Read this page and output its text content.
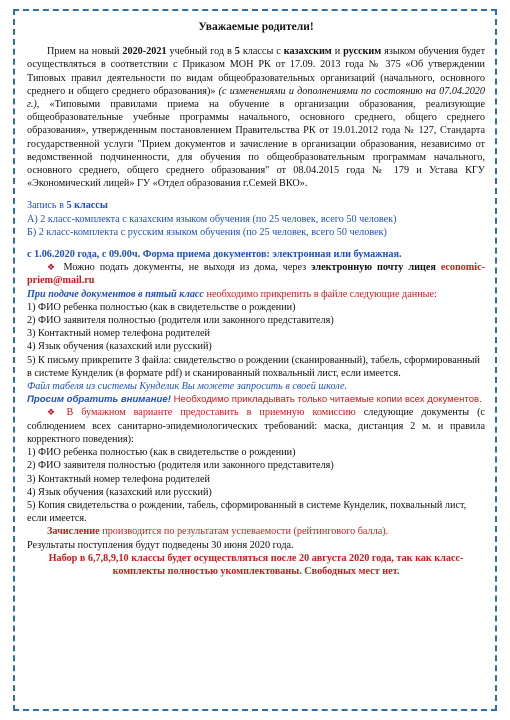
Уважаемые родители!

Прием на новый 2020-2021 учебный год в 5 классы с казахским и русским языком обучения будет осуществляться в соответствии с Приказом МОН РК от 17.09. 2013 года № 375 «Об утверждении Типовых правил деятельности по видам общеобразовательных организаций (начального, основного среднего и общего среднего образования)» (с изменениями и дополнениями по состоянию на 07.04.2020 г.), «Типовыми правилами приема на обучение в организации образования, реализующие общеобразовательные учебные программы начального, основного среднего, общего среднего образования», утвержденным постановлением Правительства РК от 19.01.2012 года № 127, Стандарта государственной услуги "Прием документов и зачисление в организации образования, независимо от ведомственной подчиненности, для обучения по общеобразовательным программам начального, основного среднего, общего среднего образования" от 08.04.2015 года № 179 и Устава КГУ «Экономический лицей» ГУ «Отдел образования г.Семей ВКО».

Запись в 5 классы

А) 2 класс-комплекта с казахским языком обучения (по 25 человек, всего 50 человек)

Б) 2 класс-комплекта с русским языком обучения (по 25 человек, всего 50 человек)

с 1.06.2020 года, с 09.00ч. Форма приема документов: электронная или бумажная.

❖ Можно подать документы, не выходя из дома, через электронную почту лицея economic-priem@mail.ru

При подаче документов в пятый класс необходимо прикрепить в файле следующие данные:

1) ФИО ребенка полностью (как в свидетельстве о рождении)

2) ФИО заявителя полностью (родителя или законного представителя)

3) Контактный номер телефона родителей

4) Язык обучения (казахский или русский)

5) К письму прикрепите 3 файла: свидетельство о рождении (сканированный), табель, сформированный в системе Кунделик (в формате pdf) и сканированный похвальный лист, если имеется.

Файл табеля из системы Кунделик Вы можете запросить в своей школе.

Просим обратить внимание! Необходимо прикладывать только читаемые копии всех документов.

❖ В бумажном варианте предоставить в приемную комиссию следующие документы (с соблюдением всех санитарно-эпидемиологических требований: маска, дистанция 2 м. и правила корректного поведения):

1) ФИО ребенка полностью (как в свидетельстве о рождении)

2) ФИО заявителя полностью (родителя или законного представителя)

3) Контактный номер телефона родителей

4) Язык обучения (казахский или русский)

5) Копия свидетельства о рождении, табель, сформированный в системе Кунделик, похвальный лист, если имеется.

Зачисление производится по результатам успеваемости (рейтингового балла).

Результаты поступления будут подведены 30 июня 2020 года.

Набор в 6,7,8,9,10 классы будет осуществляться после 20 августа 2020 года, так как класс-комплекты полностью укомплектованы. Свободных мест нет.
